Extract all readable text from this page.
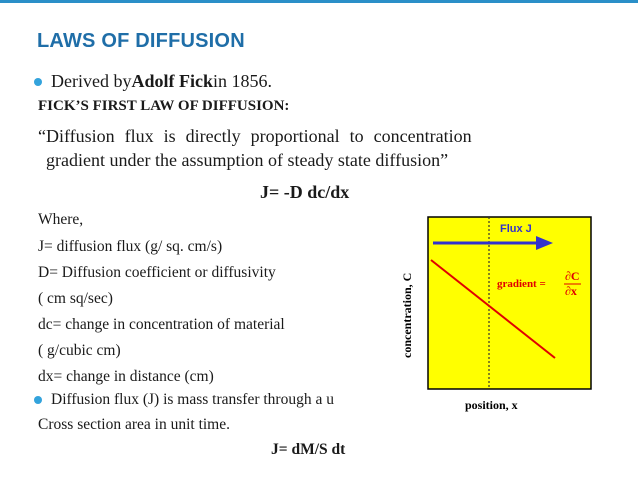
LAWS OF DIFFUSION
Derived by Adolf Fick in 1856.
FICK’S FIRST LAW OF DIFFUSION:
“Diffusion flux is directly proportional to concentration
gradient under the assumption of steady state diffusion”
J= -D dc/dx
Where,
J= diffusion flux (g/ sq. cm/s)
D= Diffusion coefficient or diffusivity
( cm sq/sec)
dc= change in concentration of material
( g/cubic cm)
dx= change in distance (cm)
Diffusion flux (J) is mass transfer through a u
Cross section area in unit time.
J= dM/S dt
Flux J
gradient =
∂C
∂x
concentration, C
position, x
